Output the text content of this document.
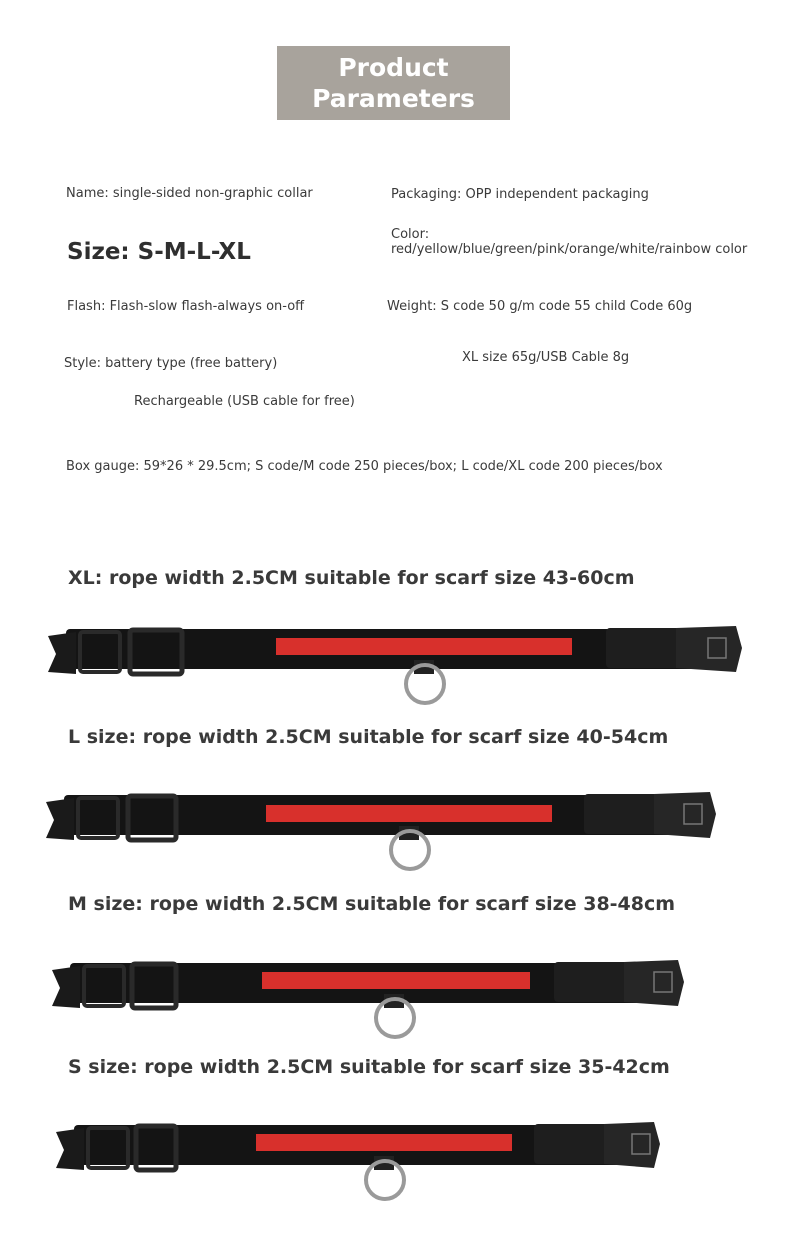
Product
Parameters
Name: single-sided non-graphic collar	Packaging: OPP independent packaging
Size: S-M-L-XL
Color:
red/yellow/blue/green/pink/orange/white/rainbow color
Flash: Flash-slow flash-always on-off	Weight: S code 50 g/m code 55 child Code 60g
Style: battery type (free battery)	XL size 65g/USB Cable 8g
Rechargeable (USB cable for free)
Box gauge: 59*26 * 29.5cm; S code/M code 250 pieces/box; L code/XL code 200 pieces/box
XL: rope width 2.5CM suitable for scarf size 43-60cm
L size: rope width 2.5CM suitable for scarf size 40-54cm
M size: rope width 2.5CM suitable for scarf size 38-48cm
S size: rope width 2.5CM suitable for scarf size 35-42cm
